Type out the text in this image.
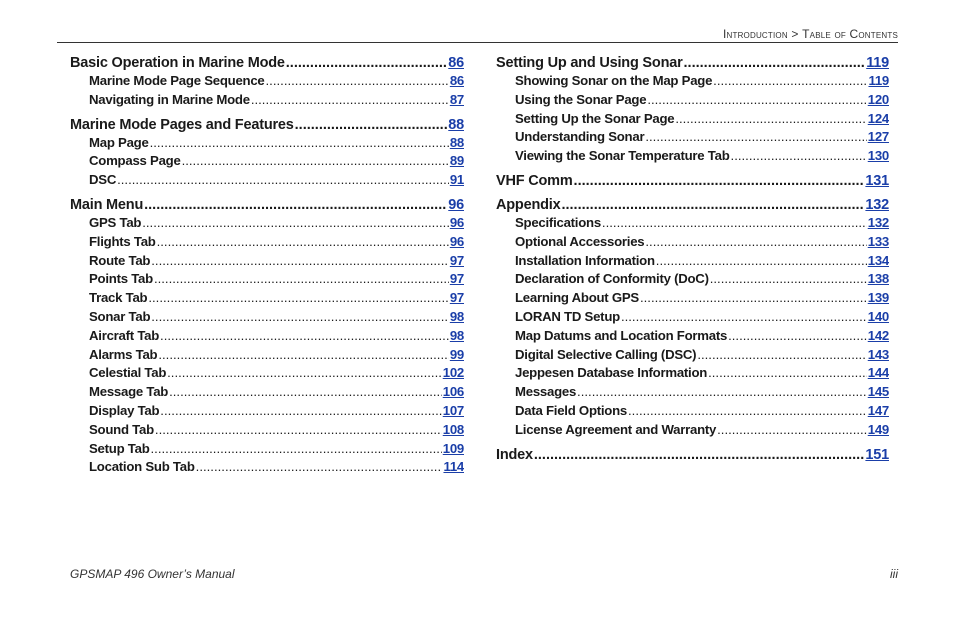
Introduction > Table of Contents
Basic Operation in Marine Mode .....	86
Marine Mode Page Sequence .....	86
Navigating in Marine Mode .....	87
Marine Mode Pages and Features .....	88
Map Page .....	88
Compass Page .....	89
DSC .....	91
Main Menu .....	96
GPS Tab .....	96
Flights Tab .....	96
Route Tab .....	97
Points Tab .....	97
Track Tab .....	97
Sonar Tab .....	98
Aircraft Tab .....	98
Alarms Tab .....	99
Celestial Tab .....	102
Message Tab .....	106
Display Tab .....	107
Sound Tab .....	108
Setup Tab .....	109
Location Sub Tab .....	114
Setting Up and Using Sonar .....	119
Showing Sonar on the Map Page .....	119
Using the Sonar Page .....	120
Setting Up the Sonar Page .....	124
Understanding Sonar .....	127
Viewing the Sonar Temperature Tab .....	130
VHF Comm .....	131
Appendix .....	132
Specifications .....	132
Optional Accessories .....	133
Installation Information .....	134
Declaration of Conformity (DoC) .....	138
Learning About GPS .....	139
LORAN TD Setup .....	140
Map Datums and Location Formats .....	142
Digital Selective Calling (DSC) .....	143
Jeppesen Database Information .....	144
Messages .....	145
Data Field Options .....	147
License Agreement and Warranty .....	149
Index .....	151
GPSMAP 496 Owner’s Manual	iii
